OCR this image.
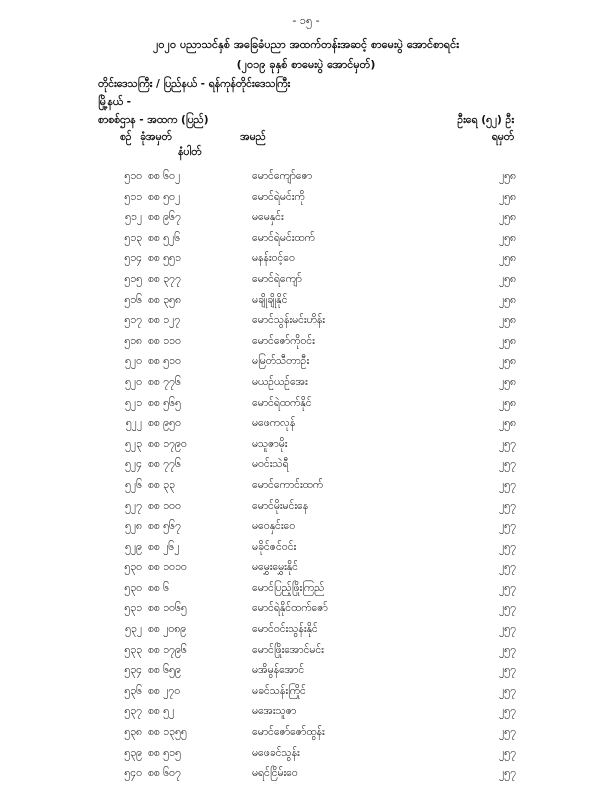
- ၁၅ -
၂၀၂၀ ပညာသင်နှစ် အခြေခံပညာ အထက်တန်းအဆင့် စာမေးပွဲ အောင်စာရင်း
(၂၀၁၉ ခုနှစ် စာမေးပွဲ အောင်မှတ်)
တိုင်းဒေသကြီး / ပြည်နယ် - ရန်ကုန်တိုင်းဒေသကြီး
မြို့နယ် -
စာစစ်ဌာန - အထက (ပြည်)	ဦးရေ (၅၂) ဦး
စဉ် ခုံအမှတ်
နံပါတ်
အမည်	ရမှတ်
၅၁၀ စစ ၆၀၂	မောင်ကျော်ဇော	၂၅၈
၅၁၁ စစ ၅၀၂	မောင်ရဲမင်းကို	၂၅၈
၅၁၂ စစ ၉၆၇	မမေနှင်း	၂၅၈
၅၁၃ စစ ၅၂၆	မောင်ရဲမင်းထက်	၂၅၈
၅၁၄ စစ ၅၅၁	မနန်းဝင့်ဝေ	၂၅၈
၅၁၅ စစ ၃၇၇	မောင်ရဲကျော်	၂၅၈
၅၁၆ စစ ၃၅၈	မချိုချိုနိုင်	၂၅၈
၅၁၇ စစ ၁၂၇	မောင်သွန်းမင်းဟိန်း	၂၅၈
၅၁၈ စစ ၁၁၀	မောင်ဇော်ကိုဝင်း	၂၅၈
၅၂၀ စစ ၅၁၀	မမြတ်သီတာဦး	၂၅၈
၅၂၀ စစ ၇၇၆	မယဉ်ယဉ်အေး	၂၅၈
၅၂၁ စစ ၅၆၅	မောင်ရဲထက်နိုင်	၂၅၈
၅၂၂ စစ ၉၅၀	မဖေကလုန်	၂၅၈
၅၂၃ စစ ၁၇၉၀	မသူဇာမိုး	၂၅၇
၅၂၄ စစ ၇၇၆	မဝင်းသဲရီ	၂၅၇
၅၂၆ စစ ၃၃	မောင်ကောင်းထက်	၂၅၇
၅၂၇ စစ ၁၀၀	မောင်မိုးမင်းနေ	၂၅၇
၅၂၈ စစ ၅၆၇	မဝေနှင်းဝေ	၂၅၇
၅၂၉ စစ ၂၆၂	မခိုင်ဇင်ဝင်း	၂၅၇
၅၃၀ စစ ၁၀၁၀	မမွှေးမွှေးနိုင်	၂၅၇
၅၃၀ စစ ၆	မောင်ပြည့်ဖြိုးကြည်	၂၅၇
၅၃၁ စစ ၁၀၆၅	မောင်ရဲနိုင်ထက်ဇော်	၂၅၇
၅၃၂ စစ ၂၀၈၉	မောင်ဝင်းသွန်းနိုင်	၂၅၇
၅၃၃ စစ ၁၇၉၆	မောင်ဖြိုးအောင်မင်း	၂၅၇
၅၃၄ စစ ၆၅၉	မအိမွန်အောင်	၂၅၇
၅၃၆ စစ ၂၇၀	မခင်သန်းကြိုင်	၂၅၇
၅၃၇ စစ ၅၂	မအေးသူဇာ	၂၅၇
၅၃၈ စစ ၁၃၅၅	မောင်ဇော်ဇော်ထွန်း	၂၅၇
၅၃၉ စစ ၅၁၅	မဖေခင်သွန်း	၂၅၇
၅၄၀ စစ ၆၀၇	မရင်ငြိမ်းဝေ	၂၅၇
